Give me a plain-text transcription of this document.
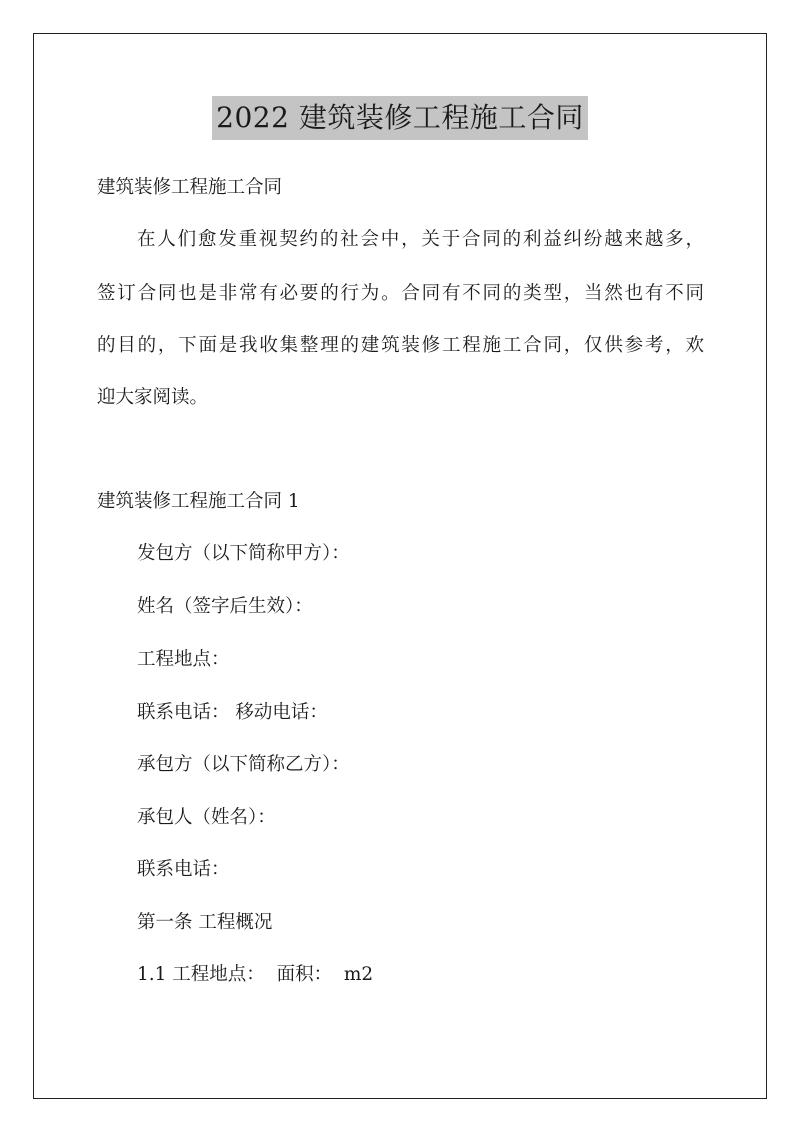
2022 建筑装修工程施工合同
建筑装修工程施工合同
在人们愈发重视契约的社会中，关于合同的利益纠纷越来越多，
签订合同也是非常有必要的行为。合同有不同的类型，当然也有不同
的目的，下面是我收集整理的建筑装修工程施工合同，仅供参考，欢
迎大家阅读。
建筑装修工程施工合同 1
发包方（以下简称甲方）：
姓名（签字后生效）：
工程地点：
联系电话： 移动电话：
承包方（以下简称乙方）：
承包人（姓名）：
联系电话：
第一条 工程概况
1.1 工程地点：  面积：  m2
